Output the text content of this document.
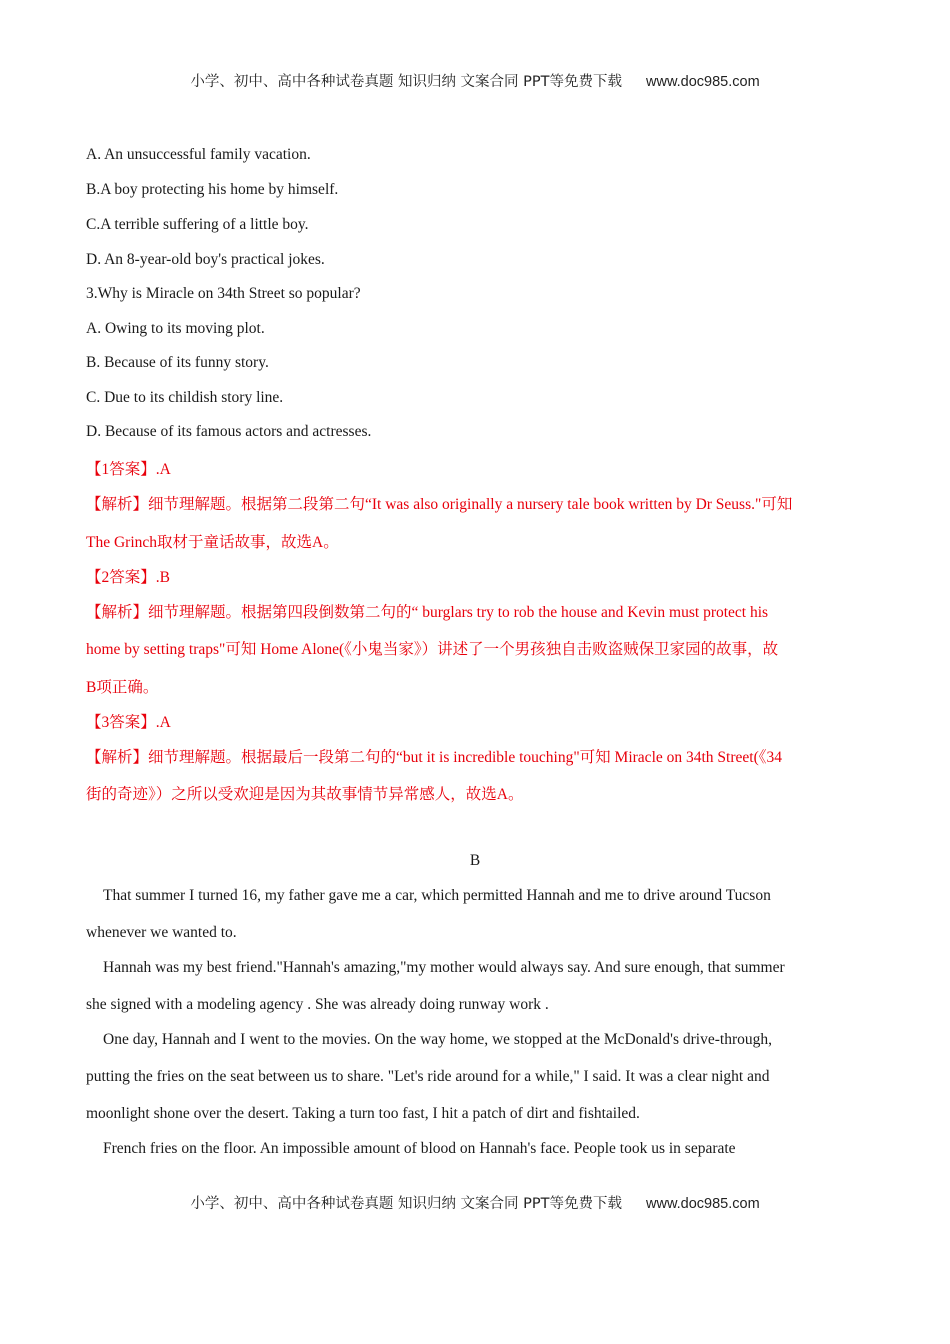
小学、初中、高中各种试卷真题 知识归纳 文案合同 PPT等免费下载 www.doc985.com
A. An unsuccessful family vacation.
B.A boy protecting his home by himself.
C.A terrible suffering of a little boy.
D. An 8-year-old boy's practical jokes.
3.Why is Miracle on 34th Street so popular?
A. Owing to its moving plot.
B. Because of its funny story.
C. Due to its childish story line.
D. Because of its famous actors and actresses.
【1答案】.A
【解析】细节理解题。根据第二段第二句“It was also originally a nursery tale book written by Dr Seuss."可知
The Grinch取材于童话故事，故选A。
【2答案】.B
【解析】细节理解题。根据第四段倒数第二句的“ burglars try to rob the house and Kevin must protect his
home by setting traps"可知 Home Alone(《小鬼当家》）讲述了一个男孩独自击败盗贼保卫家园的故事，故
B项正确。
【3答案】.A
【解析】细节理解题。根据最后一段第二句的“but it is incredible touching"可知 Miracle on 34th Street(《34
街的奇迹》）之所以受欢迎是因为其故事情节异常感人，故选A。
B
That summer I turned 16, my father gave me a car, which permitted Hannah and me to drive around Tucson
whenever we wanted to.
Hannah was my best friend."Hannah's amazing,"my mother would always say. And sure enough, that summer
she signed with a modeling agency . She was already doing runway work .
One day, Hannah and I went to the movies. On the way home, we stopped at the McDonald's drive-through,
putting the fries on the seat between us to share. "Let's ride around for a while," I said. It was a clear night and
moonlight shone over the desert. Taking a turn too fast, I hit a patch of dirt and fishtailed.
French fries on the floor. An impossible amount of blood on Hannah's face. People took us in separate
小学、初中、高中各种试卷真题 知识归纳 文案合同 PPT等免费下载 www.doc985.com
